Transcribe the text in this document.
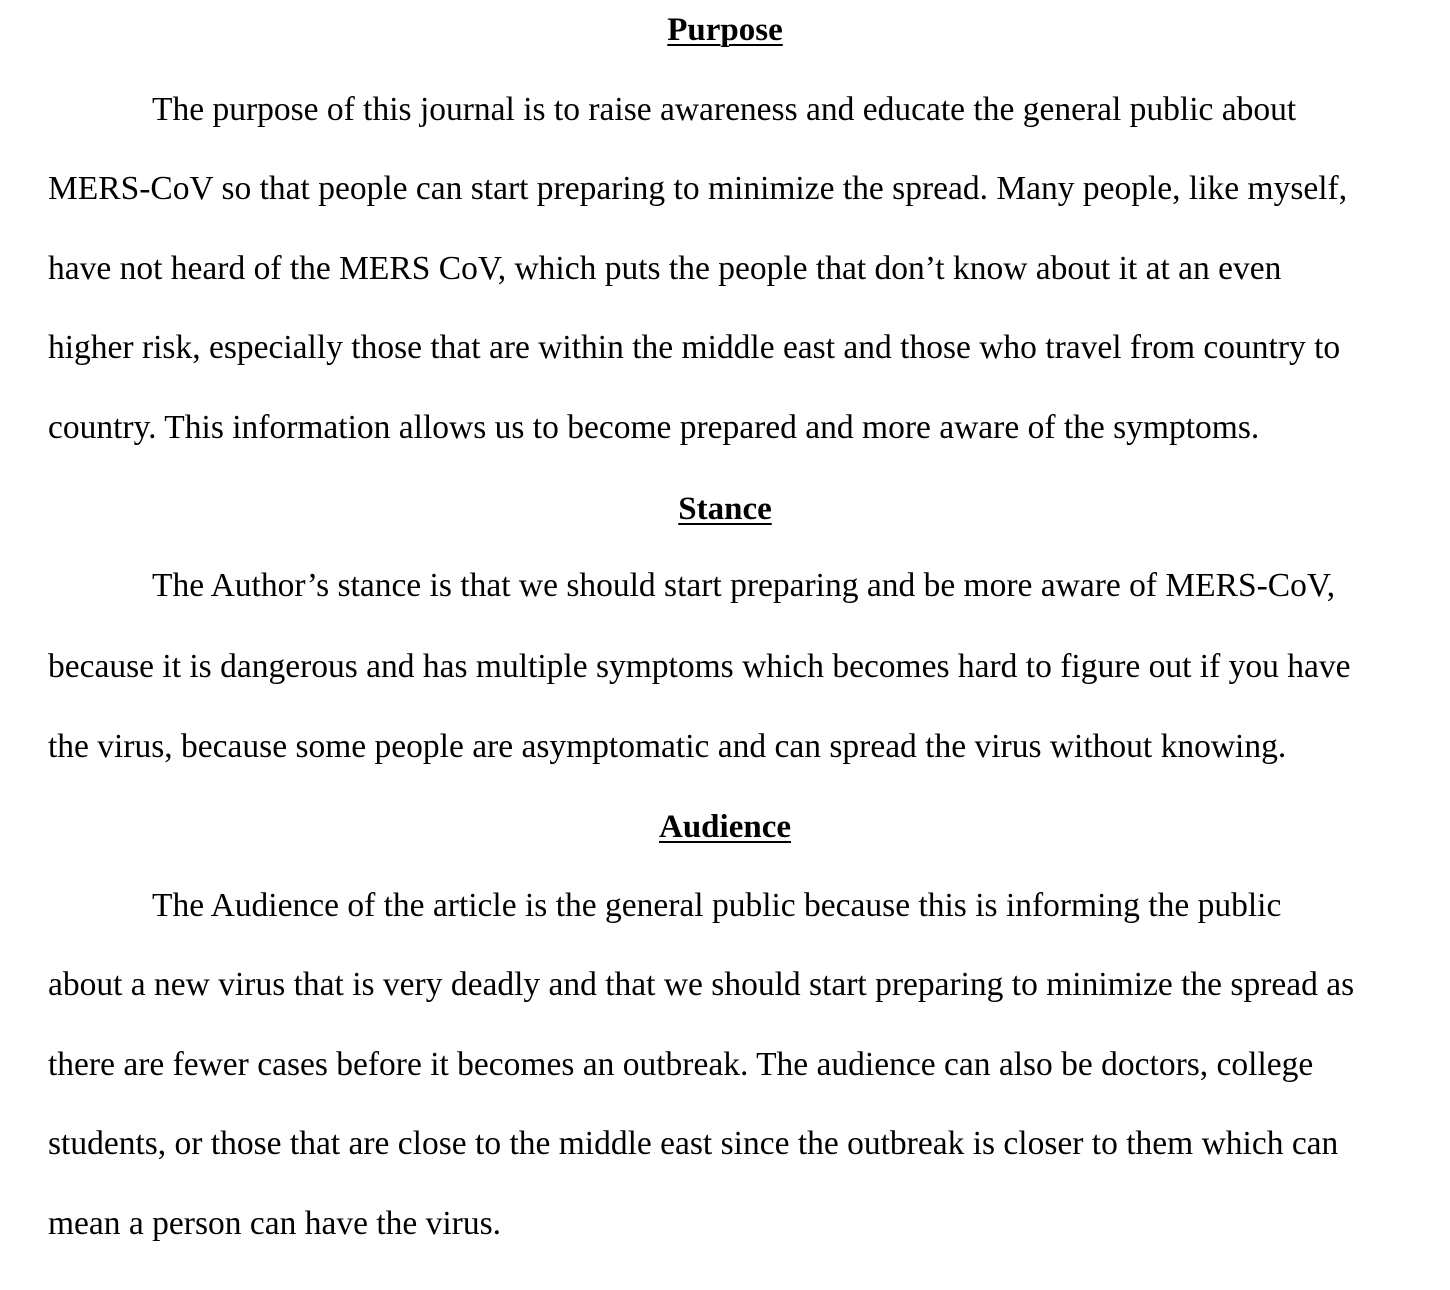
Purpose

The purpose of this journal is to raise awareness and educate the general public about

MERS-CoV so that people can start preparing to minimize the spread. Many people, like myself,

have not heard of the MERS CoV, which puts the people that don’t know about it at an even

higher risk, especially those that are within the middle east and those who travel from country to

country. This information allows us to become prepared and more aware of the symptoms.

Stance

The Author’s stance is that we should start preparing and be more aware of MERS-CoV,

because it is dangerous and has multiple symptoms which becomes hard to figure out if you have

the virus, because some people are asymptomatic and can spread the virus without knowing.

Audience

The Audience of the article is the general public because this is informing the public

about a new virus that is very deadly and that we should start preparing to minimize the spread as

there are fewer cases before it becomes an outbreak. The audience can also be doctors, college

students, or those that are close to the middle east since the outbreak is closer to them which can

mean a person can have the virus.
